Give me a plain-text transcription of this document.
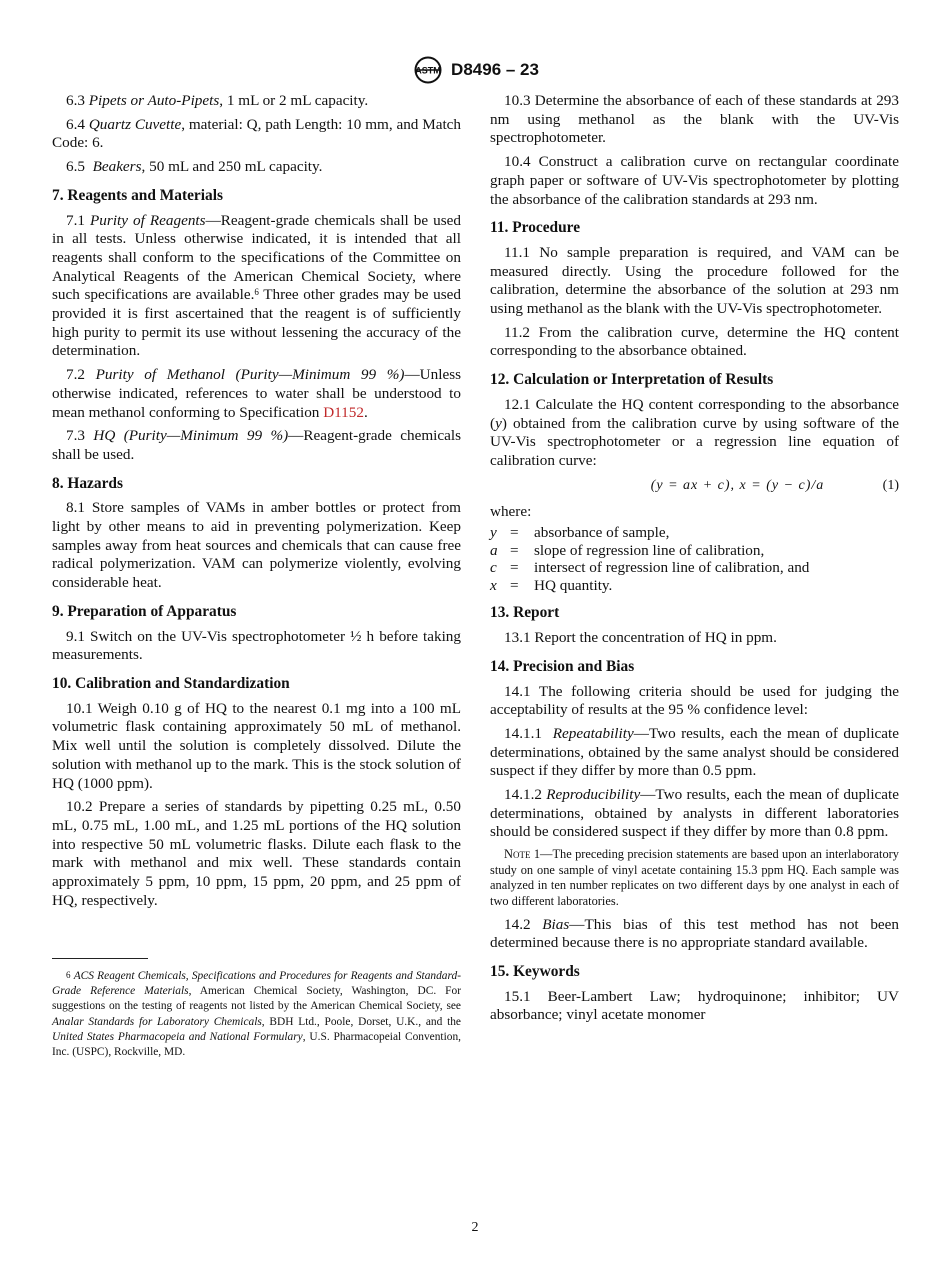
ASTM D8496 – 23

6.3 Pipets or Auto-Pipets, 1 mL or 2 mL capacity.

6.4 Quartz Cuvette, material: Q, path Length: 10 mm, and Match Code: 6.

6.5 Beakers, 50 mL and 250 mL capacity.

7. Reagents and Materials

7.1 Purity of Reagents—Reagent-grade chemicals shall be used in all tests. Unless otherwise indicated, it is intended that all reagents shall conform to the specifications of the Committee on Analytical Reagents of the American Chemical Society, where such specifications are available.$^6$ Three other grades may be used provided it is first ascertained that the reagent is of sufficiently high purity to permit its use without lessening the accuracy of the determination.

7.2 Purity of Methanol (Purity—Minimum 99 %)—Unless otherwise indicated, references to water shall be understood to mean methanol conforming to Specification D1152.

7.3 HQ (Purity—Minimum 99 %)—Reagent-grade chemicals shall be used.

8. Hazards

8.1 Store samples of VAMs in amber bottles or protect from light by other means to aid in preventing polymerization. Keep samples away from heat sources and chemicals that can cause free radical polymerization. VAM can polymerize violently, evolving considerable heat.

9. Preparation of Apparatus

9.1 Switch on the UV-Vis spectrophotometer ½ h before taking measurements.

10. Calibration and Standardization

10.1 Weigh 0.10 g of HQ to the nearest 0.1 mg into a 100 mL volumetric flask containing approximately 50 mL of methanol. Mix well until the solution is completely dissolved. Dilute the solution with methanol up to the mark. This is the stock solution of HQ (1000 ppm).

10.2 Prepare a series of standards by pipetting 0.25 mL, 0.50 mL, 0.75 mL, 1.00 mL, and 1.25 mL portions of the HQ solution into respective 50 mL volumetric flasks. Dilute each flask to the mark with methanol and mix well. These standards contain approximately 5 ppm, 10 ppm, 15 ppm, 20 ppm, and 25 ppm of HQ, respectively.

$^6$ ACS Reagent Chemicals, Specifications and Procedures for Reagents and Standard-Grade Reference Materials, American Chemical Society, Washington, DC. For suggestions on the testing of reagents not listed by the American Chemical Society, see Analar Standards for Laboratory Chemicals, BDH Ltd., Poole, Dorset, U.K., and the United States Pharmacopeia and National Formulary, U.S. Pharmacopeial Convention, Inc. (USPC), Rockville, MD.

10.3 Determine the absorbance of each of these standards at 293 nm using methanol as the blank with the UV-Vis spectrophotometer.

10.4 Construct a calibration curve on rectangular coordinate graph paper or software of UV-Vis spectrophotometer by plotting the absorbance of the calibration standards at 293 nm.

11. Procedure

11.1 No sample preparation is required, and VAM can be measured directly. Using the procedure followed for the calibration, determine the absorbance of the solution at 293 nm using methanol as the blank with the UV-Vis spectrophotometer.

11.2 From the calibration curve, determine the HQ content corresponding to the absorbance obtained.

12. Calculation or Interpretation of Results

12.1 Calculate the HQ content corresponding to the absorbance (y) obtained from the calibration curve by using software of the UV-Vis spectrophotometer or a regression line equation of calibration curve:

(y = ax + c), x = (y − c)/a	(1)

where:

y =	absorbance of sample,
a =	slope of regression line of calibration,
c =	intersect of regression line of calibration, and
x =	HQ quantity.
13. Report

13.1 Report the concentration of HQ in ppm.

14. Precision and Bias

14.1 The following criteria should be used for judging the acceptability of results at the 95 % confidence level:

14.1.1 Repeatability—Two results, each the mean of duplicate determinations, obtained by the same analyst should be considered suspect if they differ by more than 0.5 ppm.

14.1.2 Reproducibility—Two results, each the mean of duplicate determinations, obtained by analysts in different laboratories should be considered suspect if they differ by more than 0.8 ppm.

Note 1—The preceding precision statements are based upon an interlaboratory study on one sample of vinyl acetate containing 15.3 ppm HQ. Each sample was analyzed in ten number replicates on two different days by one analyst in each of two different laboratories.

14.2 Bias—This bias of this test method has not been determined because there is no appropriate standard available.

15. Keywords

15.1 Beer-Lambert Law; hydroquinone; inhibitor; UV absorbance; vinyl acetate monomer

2
